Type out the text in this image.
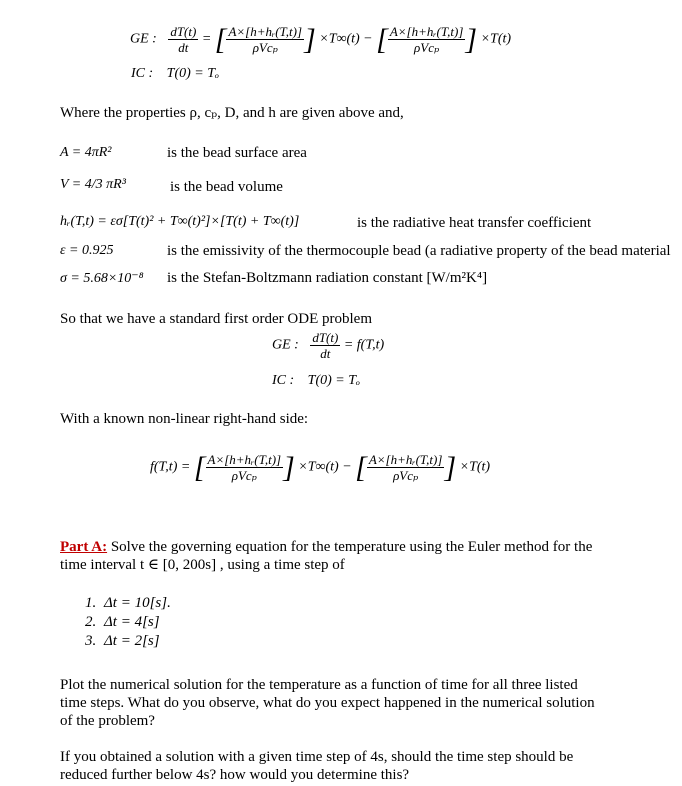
GE : $\frac{dT(t)}{dt}$ = [ $\frac{\text{A×[h+hᵣ(T,t)]}}{\text{ρVcₚ}}$ ] ×T∞(t) − [ $\frac{\text{A×[h+hᵣ(T,t)]}}{\text{ρVcₚ}}$ ] ×T(t)
IC : T(0) = Tₒ
Where the properties ρ, cₚ, D, and h are given above and,
A = 4πR²	is the bead surface area
V = 4/3 πR³	is the bead volume
hᵣ(T,t) = εσ[T(t)² + T∞(t)²]×[T(t) + T∞(t)]	is the radiative heat transfer coefficient
ε = 0.925	is the emissivity of the thermocouple bead (a radiative property of the bead material
σ = 5.68×10⁻⁸ is the Stefan-Boltzmann radiation constant [W/m²K⁴]
So that we have a standard first order ODE problem
GE : $\frac{dT(t)}{dt} = f(T,t)$
IC : T(0) = Tₒ
With a known non-linear right-hand side:
f(T,t) = [ $\frac{\text{A×[h+hᵣ(T,t)]}}{\text{ρVcₚ}}$ ] ×T∞(t) − [ $\frac{\text{A×[h+hᵣ(T,t)]}}{\text{ρVcₚ}}$ ] ×T(t)
Part A: Solve the governing equation for the temperature using the Euler method for the
time interval t ∈ [0, 200s] , using a time step of
1. Δt = 10[s].
2. Δt = 4[s]
3. Δt = 2[s]
Plot the numerical solution for the temperature as a function of time for all three listed
time steps. What do you observe, what do you expect happened in the numerical solution
of the problem?
If you obtained a solution with a given time step of 4s, should the time step should be
reduced further below 4s? how would you determine this?
